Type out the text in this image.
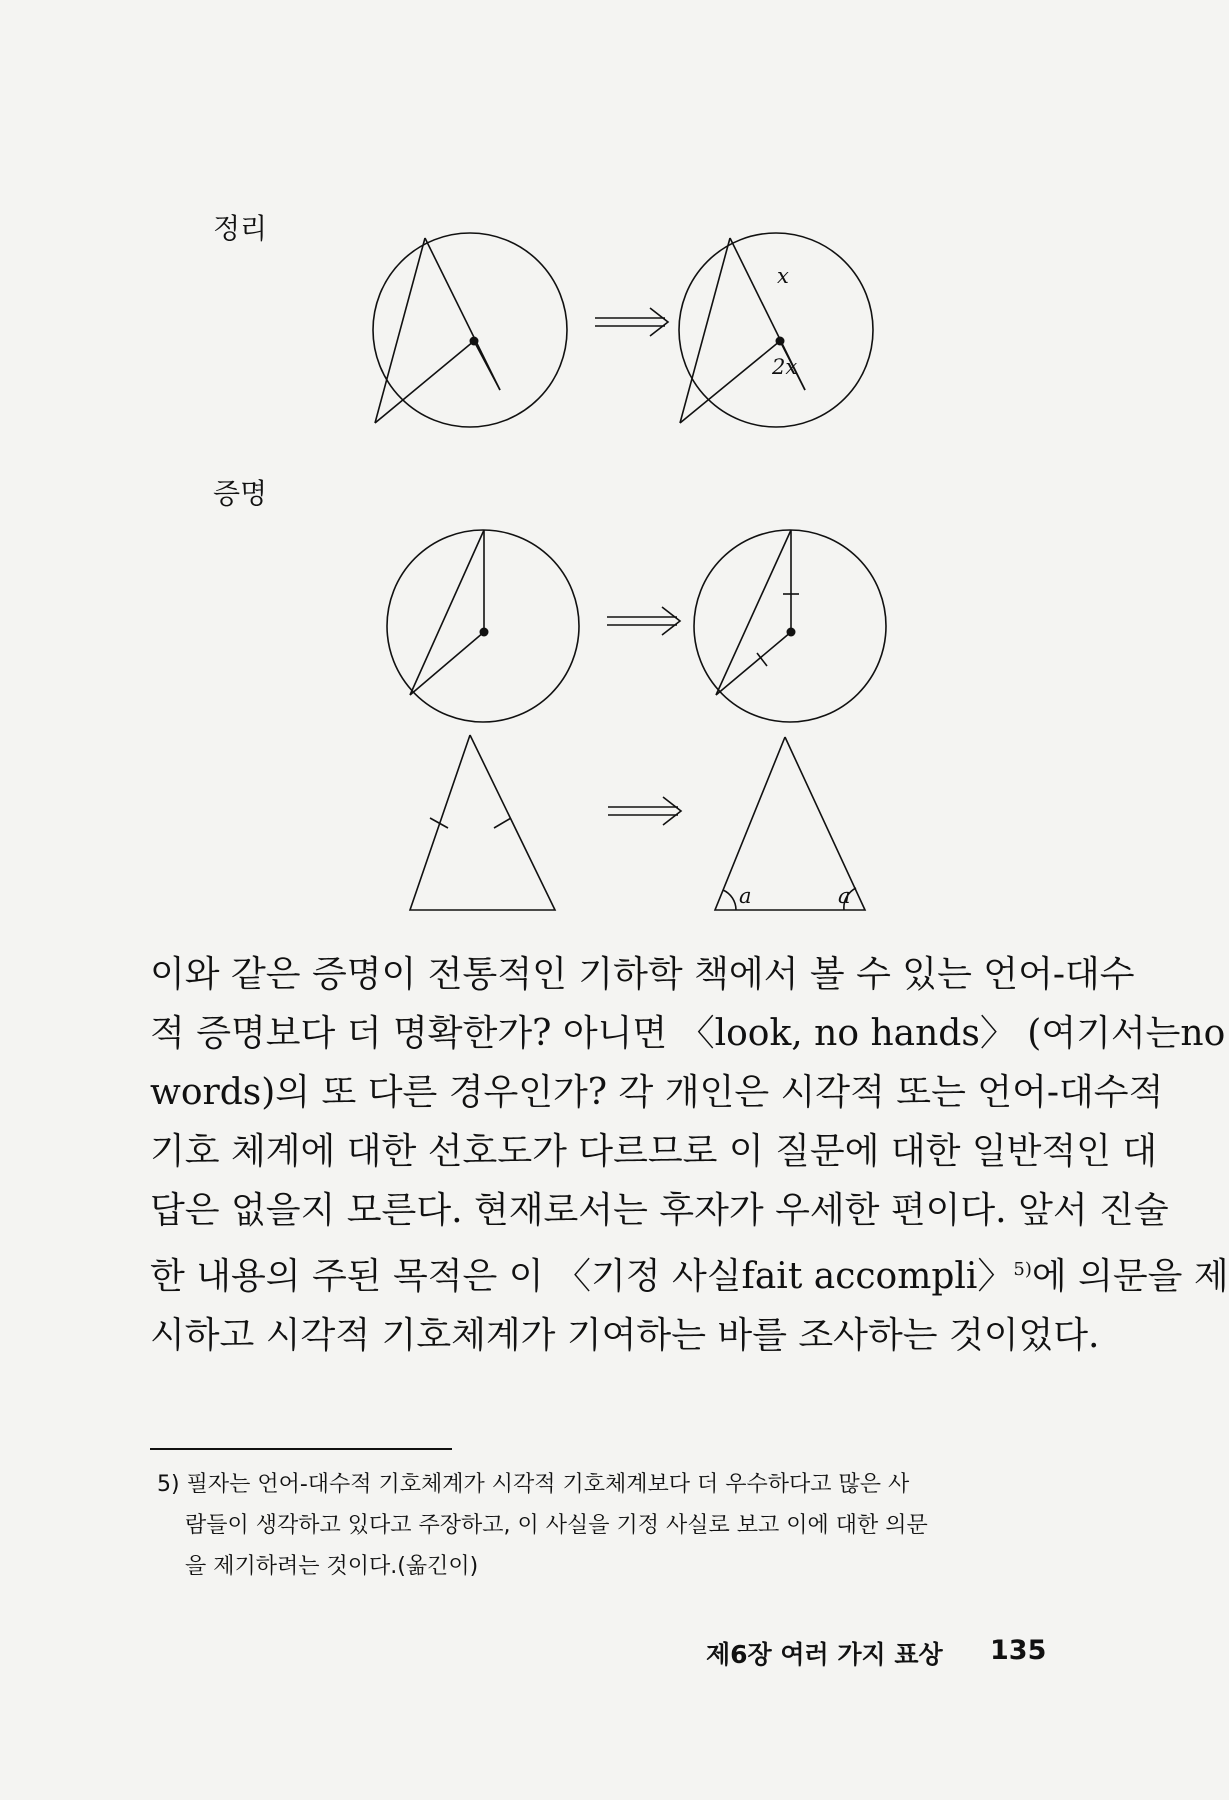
정리
증명
x
2x
a	a
이와 같은 증명이 전통적인 기하학 책에서 볼 수 있는 언어-대수
적 증명보다 더 명확한가? 아니면 〈look, no hands〉 (여기서는no
words)의 또 다른 경우인가? 각 개인은 시각적 또는 언어-대수적
기호 체계에 대한 선호도가 다르므로 이 질문에 대한 일반적인 대
답은 없을지 모른다. 현재로서는 후자가 우세한 편이다. 앞서 진술
한 내용의 주된 목적은 이 〈기정 사실fait accompli〉$^{5)}$에 의문을 제
시하고 시각적 기호체계가 기여하는 바를 조사하는 것이었다.
5) 필자는 언어-대수적 기호체계가 시각적 기호체계보다 더 우수하다고 많은 사
람들이 생각하고 있다고 주장하고, 이 사실을 기정 사실로 보고 이에 대한 의문
을 제기하려는 것이다.(옮긴이)
제6장 여러 가지 표상 135
